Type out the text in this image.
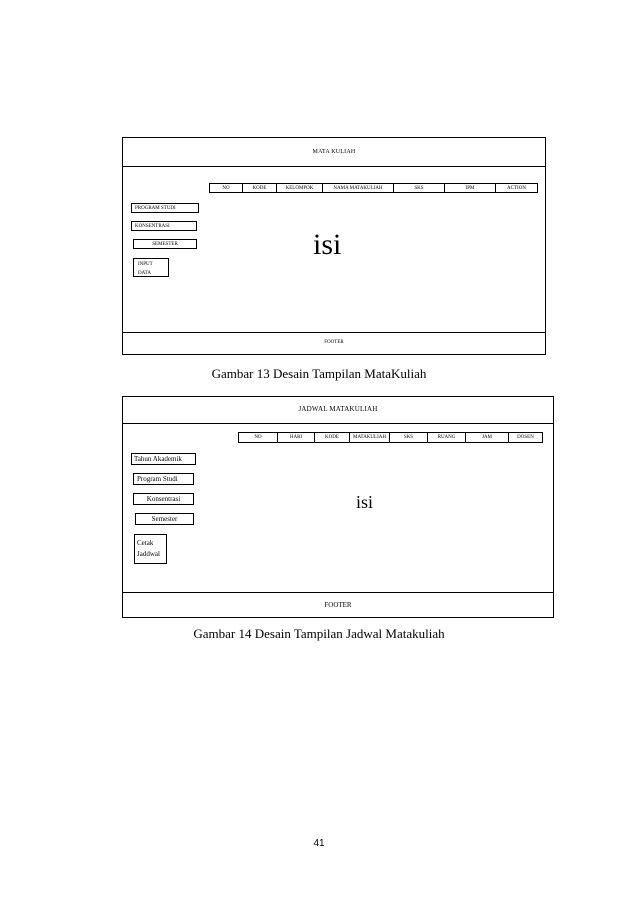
MATA KULIAH
NO	KODE	KELOMPOK	NAMA MATAKULIAH	SKS	IPM	ACTION
PROGRAM STUDI
KONSENTRASI
SEMESTER
INPUT DATA
isi
FOOTER
Gambar 13 Desain Tampilan MataKuliah
JADWAL MATAKULIAH
NO	HARI	KODE	MATAKULIAH	SKS	RUANG	JAM	DOSEN
Tahun Akademik
Program Studi
Konsentrasi
Semester
Cetak Jaddwal
isi
FOOTER
Gambar 14 Desain Tampilan Jadwal Matakuliah
41
